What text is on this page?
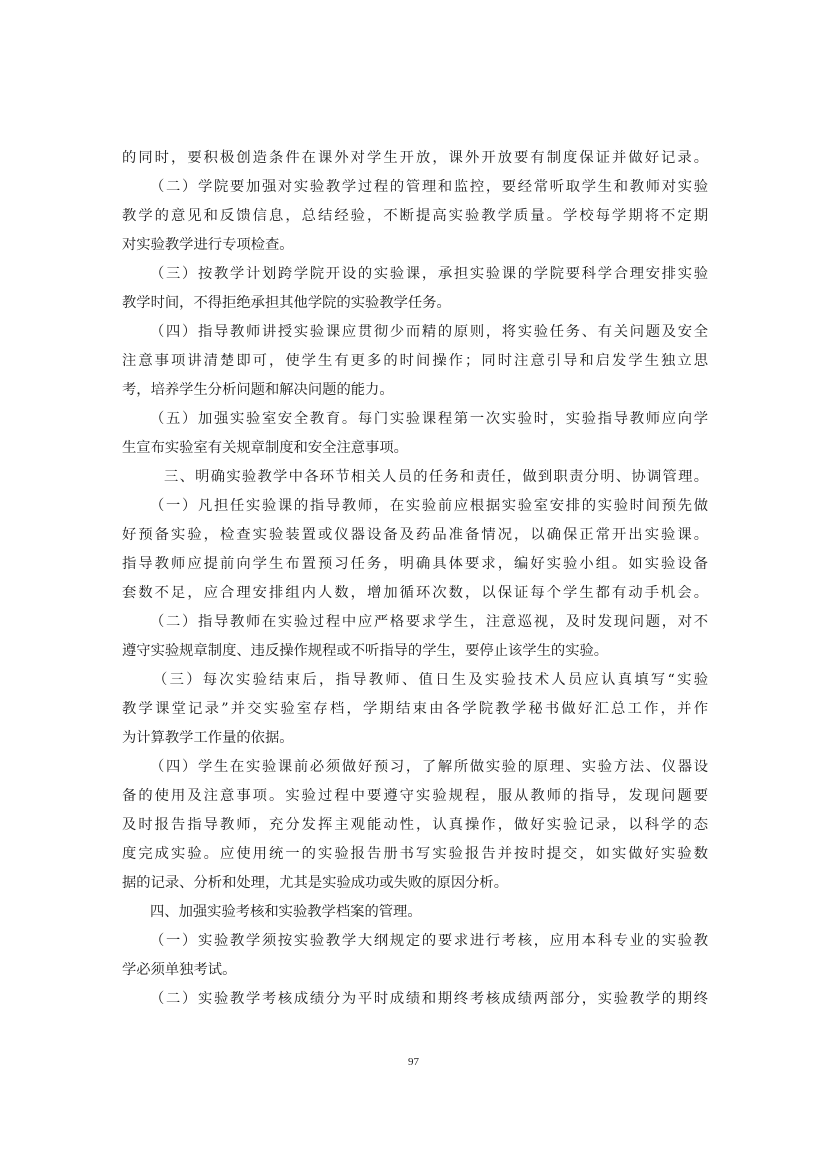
的同时，要积极创造条件在课外对学生开放，课外开放要有制度保证并做好记录。
（二）学院要加强对实验教学过程的管理和监控，要经常听取学生和教师对实验
教学的意见和反馈信息，总结经验，不断提高实验教学质量。学校每学期将不定期
对实验教学进行专项检查。
（三）按教学计划跨学院开设的实验课，承担实验课的学院要科学合理安排实验
教学时间，不得拒绝承担其他学院的实验教学任务。
（四）指导教师讲授实验课应贯彻少而精的原则，将实验任务、有关问题及安全
注意事项讲清楚即可，使学生有更多的时间操作；同时注意引导和启发学生独立思
考，培养学生分析问题和解决问题的能力。
（五）加强实验室安全教育。每门实验课程第一次实验时，实验指导教师应向学
生宣布实验室有关规章制度和安全注意事项。
三、明确实验教学中各环节相关人员的任务和责任，做到职责分明、协调管理。
（一）凡担任实验课的指导教师，在实验前应根据实验室安排的实验时间预先做
好预备实验，检查实验装置或仪器设备及药品准备情况，以确保正常开出实验课。
指导教师应提前向学生布置预习任务，明确具体要求，编好实验小组。如实验设备
套数不足，应合理安排组内人数，增加循环次数，以保证每个学生都有动手机会。
（二）指导教师在实验过程中应严格要求学生，注意巡视，及时发现问题，对不
遵守实验规章制度、违反操作规程或不听指导的学生，要停止该学生的实验。
（三）每次实验结束后，指导教师、值日生及实验技术人员应认真填写“实验
教学课堂记录”并交实验室存档，学期结束由各学院教学秘书做好汇总工作，并作
为计算教学工作量的依据。
（四）学生在实验课前必须做好预习，了解所做实验的原理、实验方法、仪器设
备的使用及注意事项。实验过程中要遵守实验规程，服从教师的指导，发现问题要
及时报告指导教师，充分发挥主观能动性，认真操作，做好实验记录，以科学的态
度完成实验。应使用统一的实验报告册书写实验报告并按时提交，如实做好实验数
据的记录、分析和处理，尤其是实验成功或失败的原因分析。
四、加强实验考核和实验教学档案的管理。
（一）实验教学须按实验教学大纲规定的要求进行考核，应用本科专业的实验教
学必须单独考试。
（二）实验教学考核成绩分为平时成绩和期终考核成绩两部分，实验教学的期终
97
